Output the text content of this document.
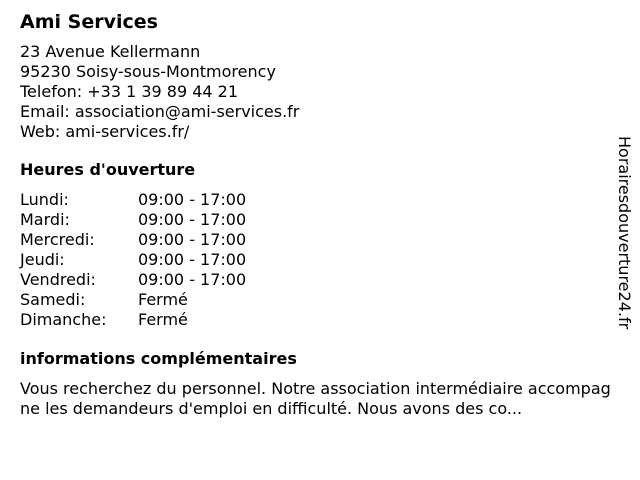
Ami Services
23 Avenue Kellermann
95230 Soisy-sous-Montmorency
Telefon: +33 1 39 89 44 21
Email: association@ami-services.fr
Web: ami-services.fr/
Heures d'ouverture
Lundi:	09:00 - 17:00
Mardi:	09:00 - 17:00
Mercredi:	09:00 - 17:00
Jeudi:	09:00 - 17:00
Vendredi:	09:00 - 17:00
Samedi:	Fermé
Dimanche:	Fermé
informations complémentaires
Vous recherchez du personnel. Notre association intermédiaire accompagne les demandeurs d'emploi en difficulté. Nous avons des co...
Horairesdouverture24.fr
